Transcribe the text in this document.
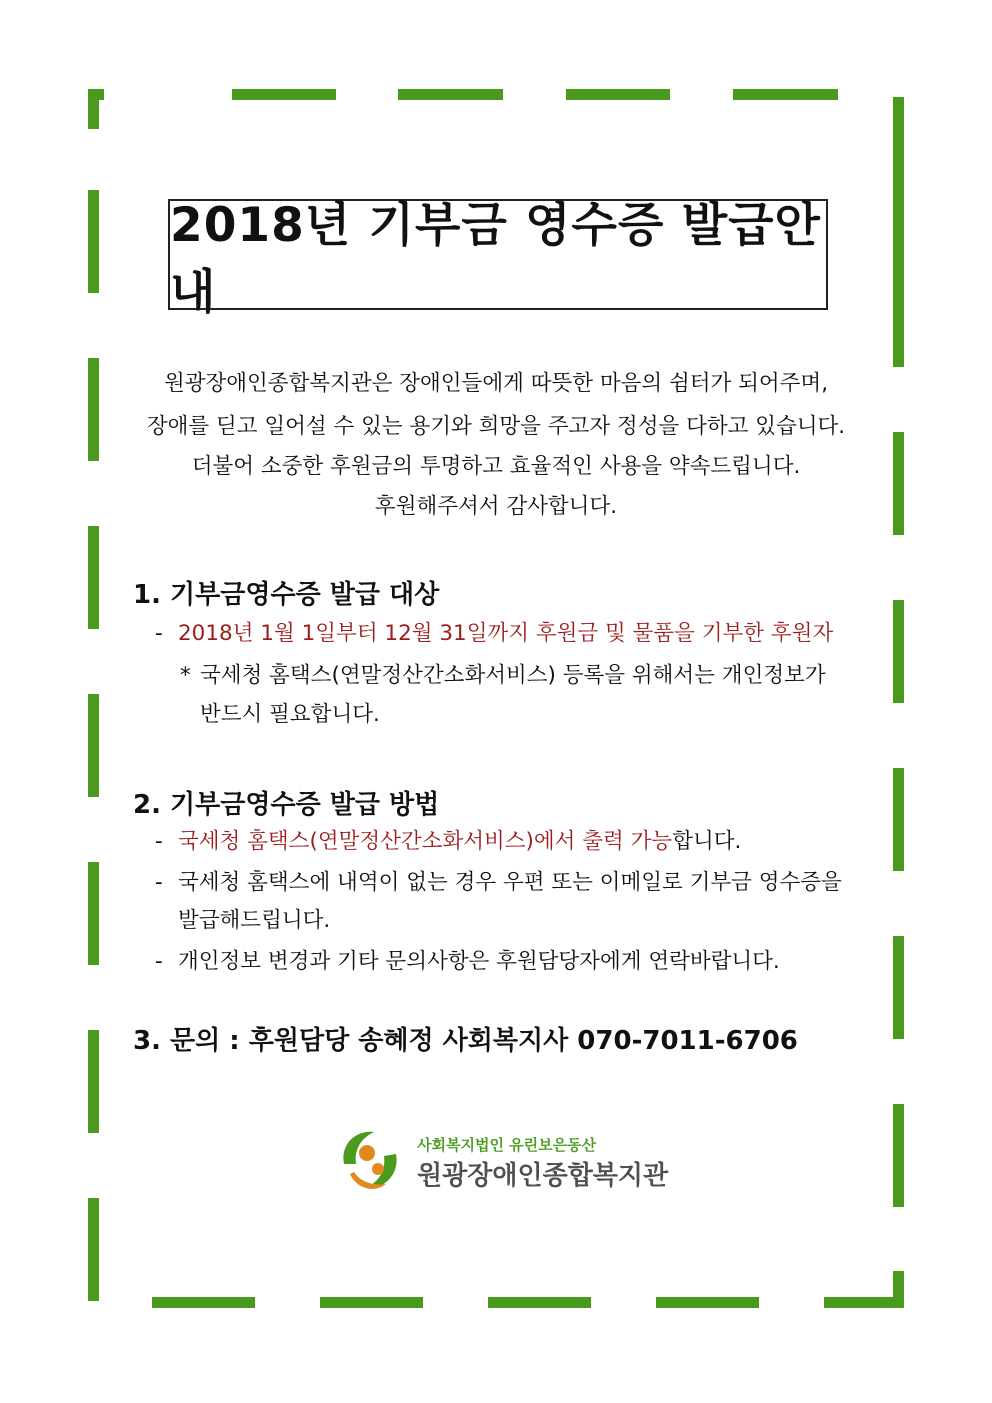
2018년 기부금 영수증 발급안내
원광장애인종합복지관은 장애인들에게 따뜻한 마음의 쉼터가 되어주며,
장애를 딛고 일어설 수 있는 용기와 희망을 주고자 정성을 다하고 있습니다.
더불어 소중한 후원금의 투명하고 효율적인 사용을 약속드립니다.
후원해주셔서 감사합니다.
1. 기부금영수증 발급 대상
- 2018년 1월 1일부터 12월 31일까지 후원금 및 물품을 기부한 후원자
* 국세청 홈택스(연말정산간소화서비스) 등록을 위해서는 개인정보가
반드시 필요합니다.
2. 기부금영수증 발급 방법
- 국세청 홈택스(연말정산간소화서비스)에서 출력 가능합니다.
- 국세청 홈택스에 내역이 없는 경우 우편 또는 이메일로 기부금 영수증을
발급해드립니다.
- 개인정보 변경과 기타 문의사항은 후원담당자에게 연락바랍니다.
3. 문의 : 후원담당 송혜정 사회복지사 070-7011-6706
사회복지법인 유린보은동산
원광장애인종합복지관
